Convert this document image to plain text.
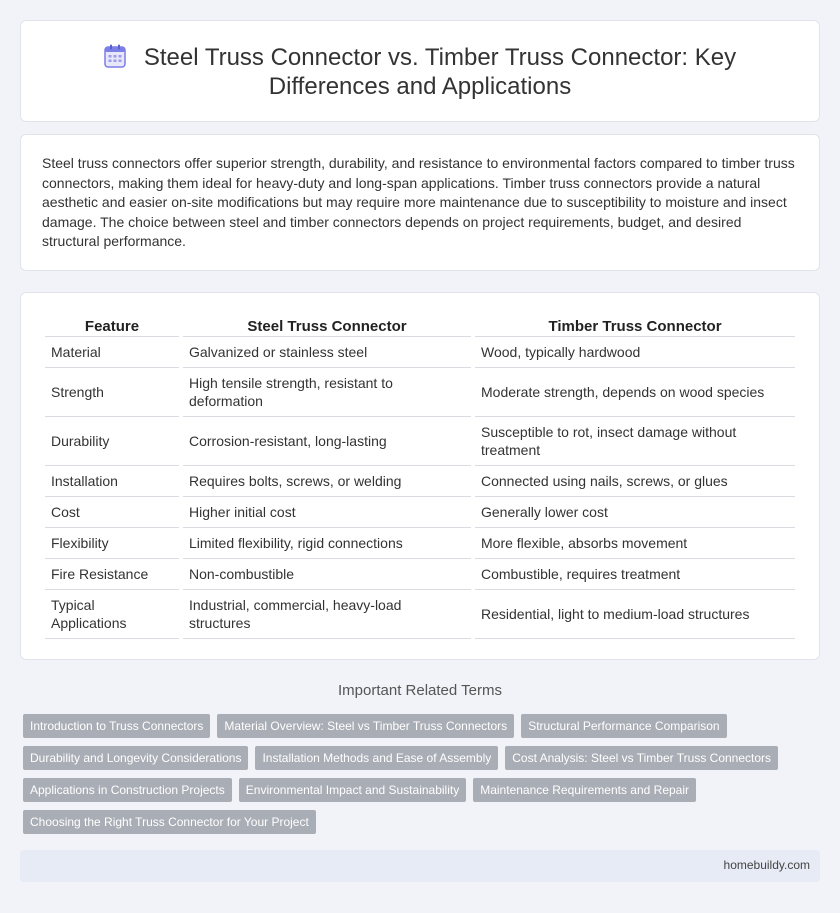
Steel Truss Connector vs. Timber Truss Connector: Key Differences and Applications

Steel truss connectors offer superior strength, durability, and resistance to environmental factors compared to timber truss connectors, making them ideal for heavy-duty and long-span applications. Timber truss connectors provide a natural aesthetic and easier on-site modifications but may require more maintenance due to susceptibility to moisture and insect damage. The choice between steel and timber connectors depends on project requirements, budget, and desired structural performance.

Feature	Steel Truss Connector	Timber Truss Connector
Material	Galvanized or stainless steel	Wood, typically hardwood
Strength	High tensile strength, resistant to deformation	Moderate strength, depends on wood species
Durability	Corrosion-resistant, long-lasting	Susceptible to rot, insect damage without treatment
Installation	Requires bolts, screws, or welding	Connected using nails, screws, or glues
Cost	Higher initial cost	Generally lower cost
Flexibility	Limited flexibility, rigid connections	More flexible, absorbs movement
Fire Resistance	Non-combustible	Combustible, requires treatment
Typical Applications	Industrial, commercial, heavy-load structures	Residential, light to medium-load structures
Important Related Terms
Introduction to Truss Connectors	Material Overview: Steel vs Timber Truss Connectors	Structural Performance Comparison
Durability and Longevity Considerations	Installation Methods and Ease of Assembly	Cost Analysis: Steel vs Timber Truss Connectors
Applications in Construction Projects	Environmental Impact and Sustainability	Maintenance Requirements and Repair
Choosing the Right Truss Connector for Your Project
homebuildy.com
